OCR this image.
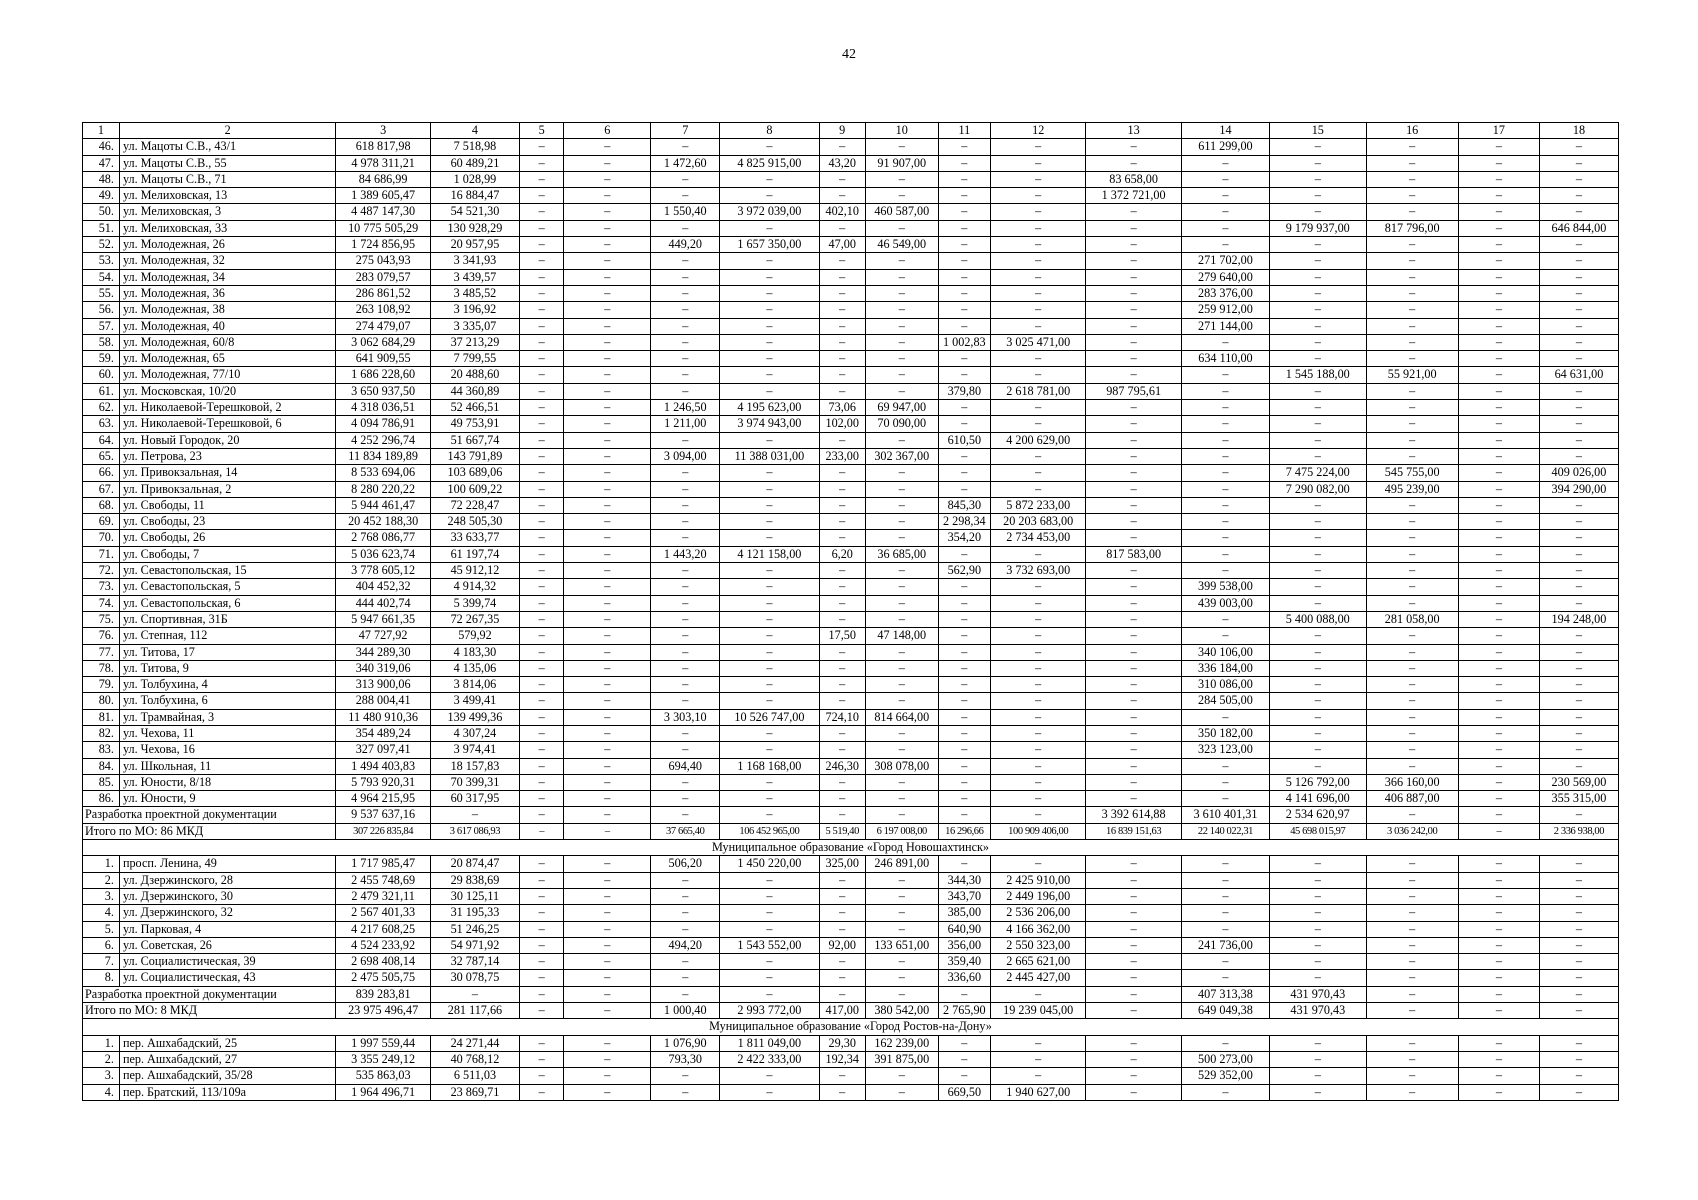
42
1	2	3	4	5	6	7	8	9	10	11	12	13	14	15	16	17	18
46.	ул. Мацоты С.В., 43/1	618 817,98	7 518,98	–	–	–	–	–	–	–	–	–	611 299,00	–	–	–	–
47.	ул. Мацоты С.В., 55	4 978 311,21	60 489,21	–	–	1 472,60	4 825 915,00	43,20	91 907,00	–	–	–	–	–	–	–	–
48.	ул. Мацоты С.В., 71	84 686,99	1 028,99	–	–	–	–	–	–	–	–	83 658,00	–	–	–	–	–
49.	ул. Мелиховская, 13	1 389 605,47	16 884,47	–	–	–	–	–	–	–	–	1 372 721,00	–	–	–	–	–
50.	ул. Мелиховская, 3	4 487 147,30	54 521,30	–	–	1 550,40	3 972 039,00	402,10	460 587,00	–	–	–	–	–	–	–	–
51.	ул. Мелиховская, 33	10 775 505,29	130 928,29	–	–	–	–	–	–	–	–	–	–	9 179 937,00	817 796,00	–	646 844,00
52.	ул. Молодежная, 26	1 724 856,95	20 957,95	–	–	449,20	1 657 350,00	47,00	46 549,00	–	–	–	–	–	–	–	–
53.	ул. Молодежная, 32	275 043,93	3 341,93	–	–	–	–	–	–	–	–	–	271 702,00	–	–	–	–
54.	ул. Молодежная, 34	283 079,57	3 439,57	–	–	–	–	–	–	–	–	–	279 640,00	–	–	–	–
55.	ул. Молодежная, 36	286 861,52	3 485,52	–	–	–	–	–	–	–	–	–	283 376,00	–	–	–	–
56.	ул. Молодежная, 38	263 108,92	3 196,92	–	–	–	–	–	–	–	–	–	259 912,00	–	–	–	–
57.	ул. Молодежная, 40	274 479,07	3 335,07	–	–	–	–	–	–	–	–	–	271 144,00	–	–	–	–
58.	ул. Молодежная, 60/8	3 062 684,29	37 213,29	–	–	–	–	–	–	1 002,83	3 025 471,00	–	–	–	–	–	–
59.	ул. Молодежная, 65	641 909,55	7 799,55	–	–	–	–	–	–	–	–	–	634 110,00	–	–	–	–
60.	ул. Молодежная, 77/10	1 686 228,60	20 488,60	–	–	–	–	–	–	–	–	–	–	1 545 188,00	55 921,00	–	64 631,00
61.	ул. Московская, 10/20	3 650 937,50	44 360,89	–	–	–	–	–	–	379,80	2 618 781,00	987 795,61	–	–	–	–	–
62.	ул. Николаевой-Терешковой, 2	4 318 036,51	52 466,51	–	–	1 246,50	4 195 623,00	73,06	69 947,00	–	–	–	–	–	–	–	–
63.	ул. Николаевой-Терешковой, 6	4 094 786,91	49 753,91	–	–	1 211,00	3 974 943,00	102,00	70 090,00	–	–	–	–	–	–	–	–
64.	ул. Новый Городок, 20	4 252 296,74	51 667,74	–	–	–	–	–	–	610,50	4 200 629,00	–	–	–	–	–	–
65.	ул. Петрова, 23	11 834 189,89	143 791,89	–	–	3 094,00	11 388 031,00	233,00	302 367,00	–	–	–	–	–	–	–	–
66.	ул. Привокзальная, 14	8 533 694,06	103 689,06	–	–	–	–	–	–	–	–	–	–	7 475 224,00	545 755,00	–	409 026,00
67.	ул. Привокзальная, 2	8 280 220,22	100 609,22	–	–	–	–	–	–	–	–	–	–	7 290 082,00	495 239,00	–	394 290,00
68.	ул. Свободы, 11	5 944 461,47	72 228,47	–	–	–	–	–	–	845,30	5 872 233,00	–	–	–	–	–	–
69.	ул. Свободы, 23	20 452 188,30	248 505,30	–	–	–	–	–	–	2 298,34	20 203 683,00	–	–	–	–	–	–
70.	ул. Свободы, 26	2 768 086,77	33 633,77	–	–	–	–	–	–	354,20	2 734 453,00	–	–	–	–	–	–
71.	ул. Свободы, 7	5 036 623,74	61 197,74	–	–	1 443,20	4 121 158,00	6,20	36 685,00	–	–	817 583,00	–	–	–	–	–
72.	ул. Севастопольская, 15	3 778 605,12	45 912,12	–	–	–	–	–	–	562,90	3 732 693,00	–	–	–	–	–	–
73.	ул. Севастопольская, 5	404 452,32	4 914,32	–	–	–	–	–	–	–	–	–	399 538,00	–	–	–	–
74.	ул. Севастопольская, 6	444 402,74	5 399,74	–	–	–	–	–	–	–	–	–	439 003,00	–	–	–	–
75.	ул. Спортивная, 31Б	5 947 661,35	72 267,35	–	–	–	–	–	–	–	–	–	–	5 400 088,00	281 058,00	–	194 248,00
76.	ул. Степная, 112	47 727,92	579,92	–	–	–	–	17,50	47 148,00	–	–	–	–	–	–	–	–
77.	ул. Титова, 17	344 289,30	4 183,30	–	–	–	–	–	–	–	–	–	340 106,00	–	–	–	–
78.	ул. Титова, 9	340 319,06	4 135,06	–	–	–	–	–	–	–	–	–	336 184,00	–	–	–	–
79.	ул. Толбухина, 4	313 900,06	3 814,06	–	–	–	–	–	–	–	–	–	310 086,00	–	–	–	–
80.	ул. Толбухина, 6	288 004,41	3 499,41	–	–	–	–	–	–	–	–	–	284 505,00	–	–	–	–
81.	ул. Трамвайная, 3	11 480 910,36	139 499,36	–	–	3 303,10	10 526 747,00	724,10	814 664,00	–	–	–	–	–	–	–	–
82.	ул. Чехова, 11	354 489,24	4 307,24	–	–	–	–	–	–	–	–	–	350 182,00	–	–	–	–
83.	ул. Чехова, 16	327 097,41	3 974,41	–	–	–	–	–	–	–	–	–	323 123,00	–	–	–	–
84.	ул. Школьная, 11	1 494 403,83	18 157,83	–	–	694,40	1 168 168,00	246,30	308 078,00	–	–	–	–	–	–	–	–
85.	ул. Юности, 8/18	5 793 920,31	70 399,31	–	–	–	–	–	–	–	–	–	–	5 126 792,00	366 160,00	–	230 569,00
86.	ул. Юности, 9	4 964 215,95	60 317,95	–	–	–	–	–	–	–	–	–	–	4 141 696,00	406 887,00	–	355 315,00
Разработка проектной документации		9 537 637,16	–	–	–	–	–	–	–	–	–	3 392 614,88	3 610 401,31	2 534 620,97	–	–	–
Итого по МО: 86 МКД		307 226 835,84	3 617 086,93	–	–	37 665,40	106 452 965,00	5 519,40	6 197 008,00	16 296,66	100 909 406,00	16 839 151,63	22 140 022,31	45 698 015,97	3 036 242,00	–	2 336 938,00
Муниципальное образование «Город Новошахтинск»																	
1.	просп. Ленина, 49	1 717 985,47	20 874,47	–	–	506,20	1 450 220,00	325,00	246 891,00	–	–	–	–	–	–	–	–
2.	ул. Дзержинского, 28	2 455 748,69	29 838,69	–	–	–	–	–	–	344,30	2 425 910,00	–	–	–	–	–	–
3.	ул. Дзержинского, 30	2 479 321,11	30 125,11	–	–	–	–	–	–	343,70	2 449 196,00	–	–	–	–	–	–
4.	ул. Дзержинского, 32	2 567 401,33	31 195,33	–	–	–	–	–	–	385,00	2 536 206,00	–	–	–	–	–	–
5.	ул. Парковая, 4	4 217 608,25	51 246,25	–	–	–	–	–	–	640,90	4 166 362,00	–	–	–	–	–	–
6.	ул. Советская, 26	4 524 233,92	54 971,92	–	–	494,20	1 543 552,00	92,00	133 651,00	356,00	2 550 323,00	–	241 736,00	–	–	–	–
7.	ул. Социалистическая, 39	2 698 408,14	32 787,14	–	–	–	–	–	–	359,40	2 665 621,00	–	–	–	–	–	–
8.	ул. Социалистическая, 43	2 475 505,75	30 078,75	–	–	–	–	–	–	336,60	2 445 427,00	–	–	–	–	–	–
Разработка проектной документации		839 283,81	–	–	–	–	–	–	–	–	–	–	407 313,38	431 970,43	–	–	–
Итого по МО: 8 МКД		23 975 496,47	281 117,66	–	–	1 000,40	2 993 772,00	417,00	380 542,00	2 765,90	19 239 045,00	–	649 049,38	431 970,43	–	–	–
Муниципальное образование «Город Ростов-на-Дону»																	
1.	пер. Ашхабадский, 25	1 997 559,44	24 271,44	–	–	1 076,90	1 811 049,00	29,30	162 239,00	–	–	–	–	–	–	–	–
2.	пер. Ашхабадский, 27	3 355 249,12	40 768,12	–	–	793,30	2 422 333,00	192,34	391 875,00	–	–	–	500 273,00	–	–	–	–
3.	пер. Ашхабадский, 35/28	535 863,03	6 511,03	–	–	–	–	–	–	–	–	–	529 352,00	–	–	–	–
4.	пер. Братский, 113/109а	1 964 496,71	23 869,71	–	–	–	–	–	–	669,50	1 940 627,00	–	–	–	–	–	–
